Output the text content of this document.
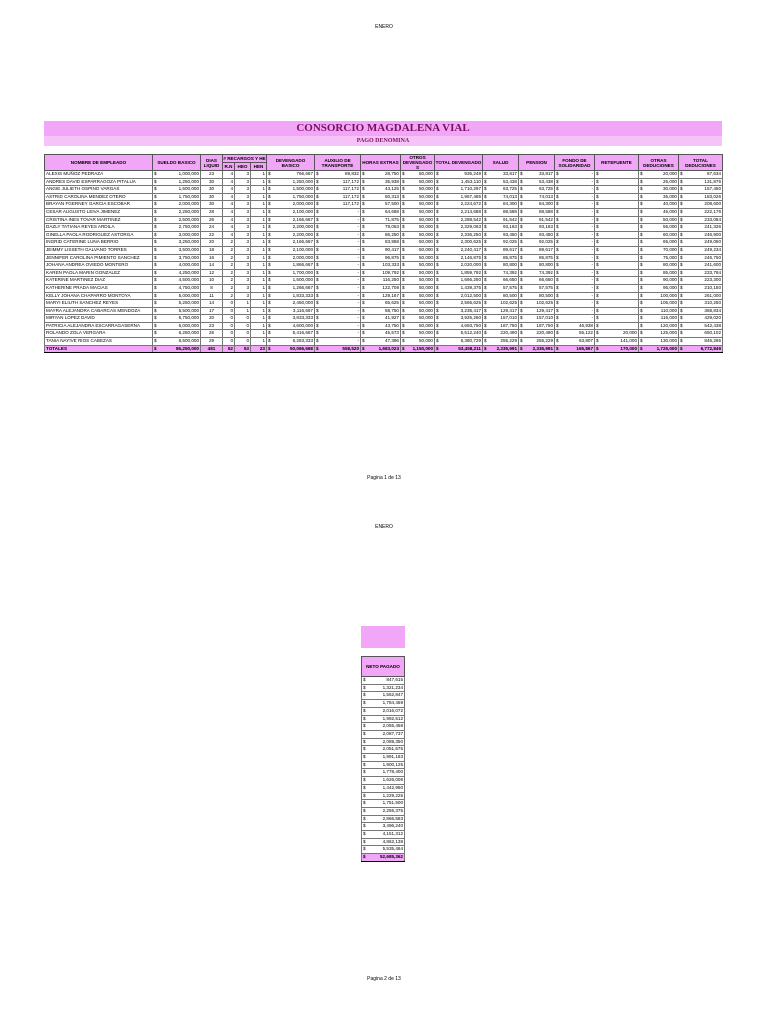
ENERO
CONSORCIO MAGDALENA VIAL
PAGO DENOMINA
NOMBRE DE EMPLEADO	SUELDO BASICO	DIAS LIQUID	# RECARGOS Y HE			DEVENGADO BASICO	AUXILIO DE TRANSPORTE	HORAS EXTRAS	OTROS DEVENGADO S	TOTAL DEVENGADO	SALUD	PENSION	FONDO DE SOLIDARIDAD	RETEFUENTE	OTRAS DEDUCIONES	TOTAL DEDUCIONES
			R.N	HEO	HEN											
ALEXIS MUÑOZ PEDRAZA	$ 1,000,000	23	4	3	1	$ 766,667	$ 89,832	$ 28,750	$ 50,000	$ 935,249	$ 33,817	$ 33,817	$ -	$	$ 20,000	$ 87,634
ANDRES DAVID ESPARRAGOZA PITALUA	$ 1,250,000	30	4	3	1	$ 1,250,000	$ 117,172	$ 35,938	$ 50,000	$ 1,453,110	$ 53,438	$ 53,438	$ -	$	$ 25,000	$ 131,876
ANGIE JULIETH OSPINO VARGAS	$ 1,500,000	30	4	3	1	$ 1,500,000	$ 117,172	$ 43,125	$ 50,000	$ 1,710,297	$ 63,725	$ 63,725	$ -	$	$ 30,000	$ 157,450
ASTRID CAROLINA MENDEZ OTERO	$ 1,750,000	30	4	3	1	$ 1,750,000	$ 117,172	$ 50,313	$ 50,000	$ 1,967,485	$ 74,013	$ 74,013	$ -	$	$ 35,000	$ 183,026
BRAYAN FGERNEY GARCIA ESCOBAR	$ 2,000,000	30	4	3	1	$ 2,000,000	$ 117,172	$ 57,500	$ 50,000	$ 2,224,672	$ 84,300	$ 84,300	$ -	$	$ 40,000	$ 208,600
CESAR AUGUSTO LEIVA JIMENEZ	$ 2,250,000	28	4	3	1	$ 2,100,000	$ -	$ 64,688	$ 50,000	$ 2,214,688	$ 88,588	$ 88,588	$ -	$	$ 45,000	$ 222,176
CRISTINA INES TOVAR MARTINEZ	$ 2,500,000	26	4	3	1	$ 2,166,667	$ -	$ 71,875	$ 50,000	$ 2,288,542	$ 91,542	$ 91,542	$ -	$	$ 50,000	$ 233,084
DAZLY TATIANA REYES ARDILA	$ 2,750,000	24	4	3	1	$ 2,200,000	$ -	$ 79,063	$ 50,000	$ 2,329,063	$ 93,163	$ 93,163	$ -	$	$ 55,000	$ 241,326
GINELLA PAOLA RODRIGUEZ ASTORGA	$ 3,000,000	22	4	3	1	$ 2,200,000	$ -	$ 86,250	$ 50,000	$ 2,336,250	$ 93,450	$ 93,450	$ -	$	$ 60,000	$ 246,900
INGRID CATERINE LUNA BERRIO	$ 3,250,000	20	2	3	1	$ 2,166,667	$ -	$ 83,958	$ 50,000	$ 2,300,625	$ 92,025	$ 92,025	$ -	$	$ 65,000	$ 249,050
JEIMMY LISSETH GALVANO TORRES	$ 3,500,000	18	2	3	1	$ 2,100,000	$ -	$ 90,417	$ 50,000	$ 2,240,417	$ 89,617	$ 89,617	$ -	$	$ 70,000	$ 249,234
JENNIFER CAROLINA PIMIENTO SANCHEZ	$ 3,750,000	16	2	3	1	$ 2,000,000	$ -	$ 96,875	$ 50,000	$ 2,146,875	$ 85,875	$ 85,875	$ -	$	$ 75,000	$ 246,750
JOHANA ANDREA OVIEDO MONTERO	$ 4,000,000	14	2	3	1	$ 1,866,667	$ -	$ 103,333	$ 50,000	$ 2,020,000	$ 80,800	$ 80,800	$ -	$	$ 80,000	$ 241,600
KAREN PAOLA MARIN GONZALEZ	$ 4,250,000	12	2	3	1	$ 1,700,000	$ -	$ 109,792	$ 50,000	$ 1,859,792	$ 74,392	$ 74,392	$ -	$	$ 85,000	$ 233,784
KATERINE MARTINEZ DIAZ	$ 4,500,000	10	2	3	1	$ 1,500,000	$ -	$ 116,250	$ 50,000	$ 1,666,250	$ 66,650	$ 66,650	$ -	$	$ 90,000	$ 223,300
KATHERINE PRADA MACIAS	$ 4,750,000	8	2	3	1	$ 1,266,667	$ -	$ 122,708	$ 50,000	$ 1,439,375	$ 57,575	$ 57,575	$ -	$	$ 95,000	$ 210,150
KELLY JOHANA CHAPARRO MONTOYA	$ 5,000,000	11	2	3	1	$ 1,833,333	$ -	$ 129,167	$ 50,000	$ 2,012,500	$ 80,500	$ 80,500	$ -	$	$ 100,000	$ 261,000
MARYI ELIUTH SANCHEZ REYES	$ 5,250,000	14	0	1	1	$ 2,450,000	$ -	$ 65,625	$ 50,000	$ 2,565,625	$ 102,625	$ 102,625	$ -	$	$ 105,000	$ 310,250
MAYRA ALEJANDRA CABARCAS MENDOZA	$ 5,500,000	17	0	1	1	$ 3,116,667	$ -	$ 68,750	$ 50,000	$ 3,235,417	$ 129,417	$ 129,417	$ -	$	$ 110,000	$ 368,834
MIRYAN LOPEZ DAVID	$ 5,750,000	20	0	0	1	$ 3,833,333	$ -	$ 41,927	$ 50,000	$ 3,925,260	$ 157,010	$ 157,010	$ -	$	$ 115,000	$ 429,020
PATRICIA ALEJANDRA ESCARRAGASERNA	$ 6,000,000	23	0	0	1	$ 4,600,000	$ -	$ 43,750	$ 50,000	$ 4,693,750	$ 187,750	$ 187,750	$ 46,938	$	$ 120,000	$ 542,438
ROLANDO ZOLA VERGARA	$ 6,250,000	26	0	0	1	$ 5,416,667	$ -	$ 45,573	$ 50,000	$ 5,512,240	$ 220,490	$ 220,490	$ 55,122	$ 20,000	$ 125,000	$ 650,102
TANIA NAYIVE RIOS CABEZAS	$ 6,500,000	29	0	0	1	$ 6,283,333	$ -	$ 47,396	$ 50,000	$ 6,380,729	$ 255,229	$ 255,229	$ 63,807	$ 141,000	$ 130,000	$ 845,265
TOTALES	$ 86,250,000	481	52	53	23	$ 50,066,668	$ 558,520	$ 1,683,023	$ 1,150,000	$ 53,458,211	$ 2,335,991	$ 2,335,991	$ 165,867	$ 170,000	$ 1,725,000	$ 6,772,849
Pagina 1 de 13
ENERO
NETO PAGADO

$	847,615

$	1,321,234

$	1,552,847

$	1,784,459

$	2,016,072

$	1,992,512

$	2,055,458

$	2,087,737

$	2,089,350

$	2,051,575

$	1,991,183

$	1,900,125

$	1,778,400

$	1,626,008

$	1,442,950

$	1,229,225

$	1,751,500

$	2,255,375

$	2,866,583

$	3,496,240

$	4,151,312

$	4,862,138

$	5,535,464

$	52,685,362
Pagina 2 de 13
